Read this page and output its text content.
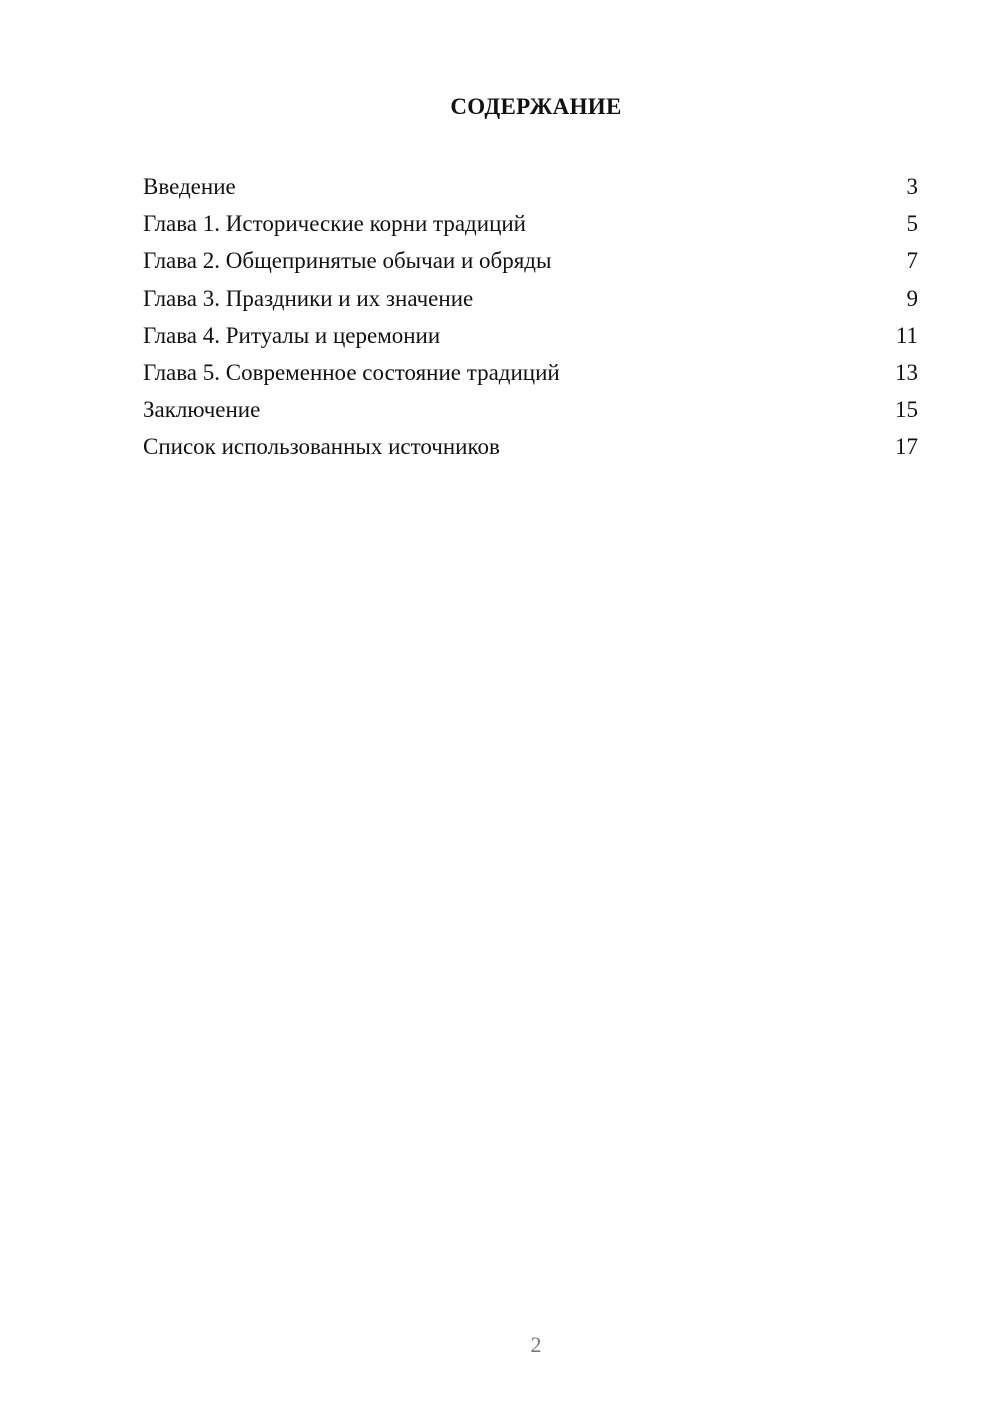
СОДЕРЖАНИЕ
Введение	3
Глава 1. Исторические корни традиций	5
Глава 2. Общепринятые обычаи и обряды	7
Глава 3. Праздники и их значение	9
Глава 4. Ритуалы и церемонии	11
Глава 5. Современное состояние традиций	13
Заключение	15
Список использованных источников	17
2
